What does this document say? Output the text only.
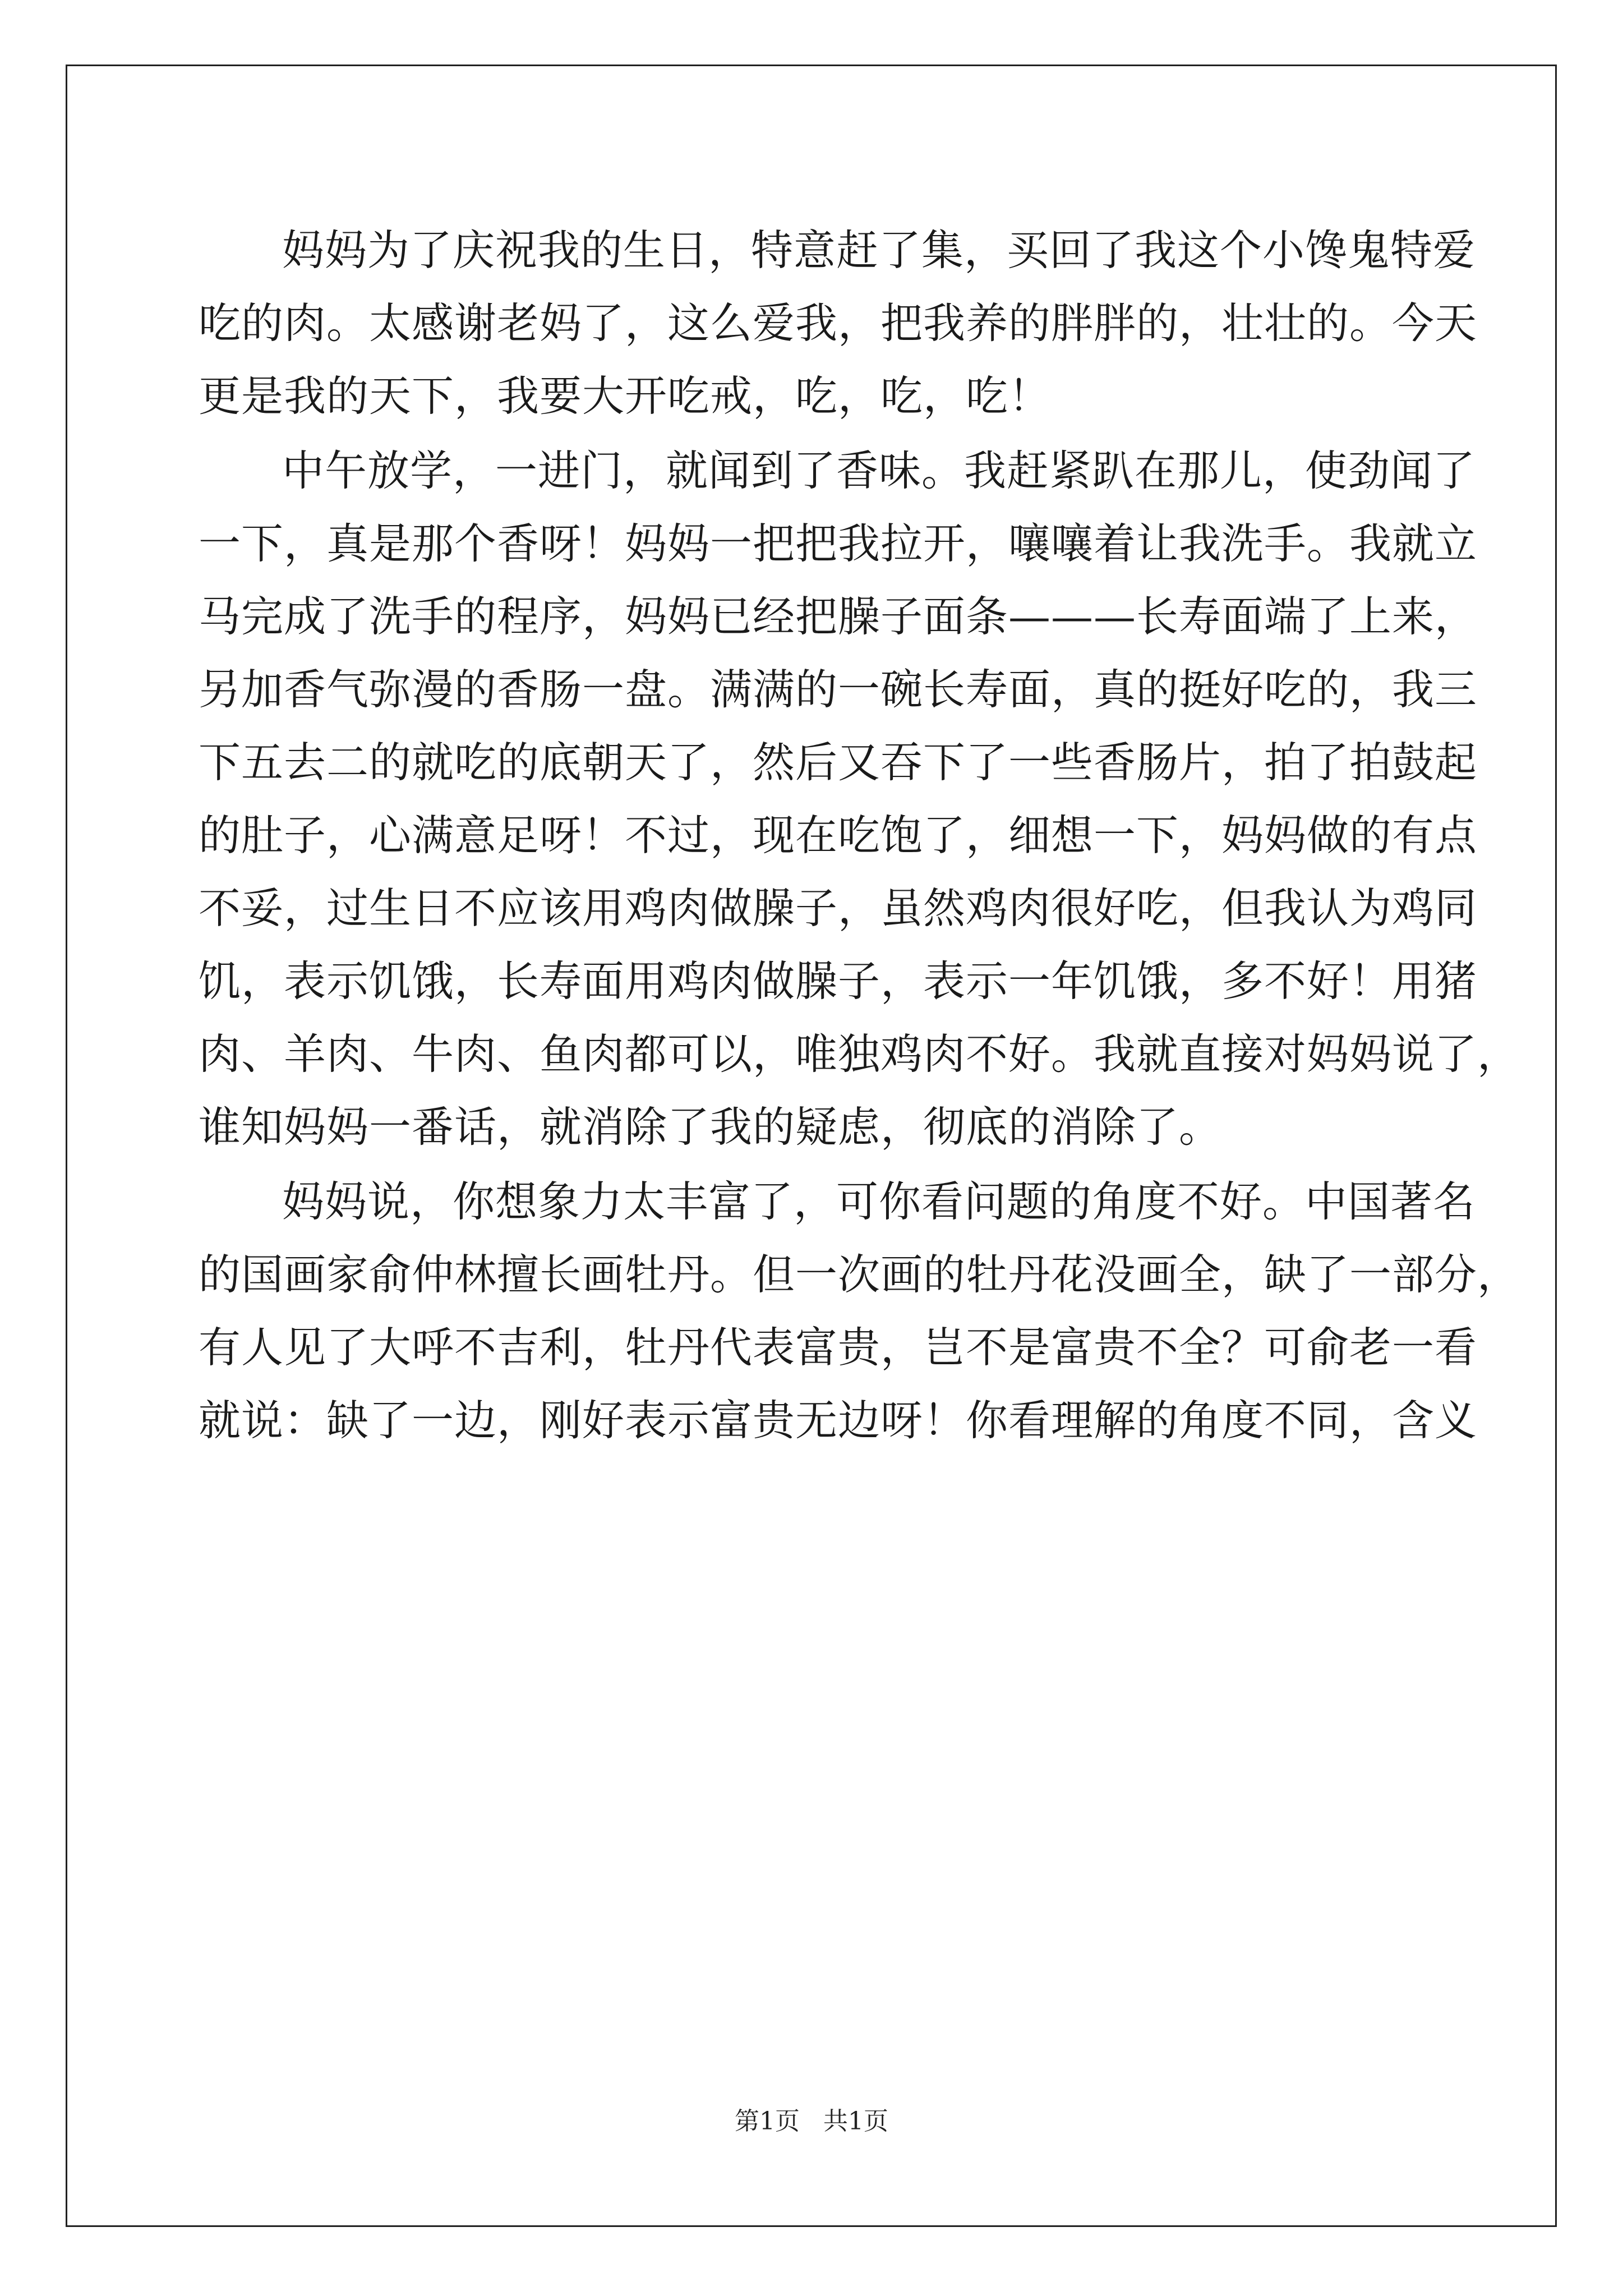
妈妈为了庆祝我的生日，特意赶了集，买回了我这个小馋鬼特爱

吃的肉。太感谢老妈了，这么爱我，把我养的胖胖的，壮壮的。今天

更是我的天下，我要大开吃戒，吃，吃，吃！

中午放学，一进门，就闻到了香味。我赶紧趴在那儿，使劲闻了

一下，真是那个香呀！妈妈一把把我拉开，嚷嚷着让我洗手。我就立

马完成了洗手的程序，妈妈已经把臊子面条———长寿面端了上来，

另加香气弥漫的香肠一盘。满满的一碗长寿面，真的挺好吃的，我三

下五去二的就吃的底朝天了，然后又吞下了一些香肠片，拍了拍鼓起

的肚子，心满意足呀！不过，现在吃饱了，细想一下，妈妈做的有点

不妥，过生日不应该用鸡肉做臊子，虽然鸡肉很好吃，但我认为鸡同

饥，表示饥饿，长寿面用鸡肉做臊子，表示一年饥饿，多不好！用猪

肉、羊肉、牛肉、鱼肉都可以，唯独鸡肉不好。我就直接对妈妈说了，

谁知妈妈一番话，就消除了我的疑虑，彻底的消除了。

妈妈说，你想象力太丰富了，可你看问题的角度不好。中国著名

的国画家俞仲林擅长画牡丹。但一次画的牡丹花没画全，缺了一部分，

有人见了大呼不吉利，牡丹代表富贵，岂不是富贵不全？可俞老一看

就说：缺了一边，刚好表示富贵无边呀！你看理解的角度不同，含义

第1页   共1页
